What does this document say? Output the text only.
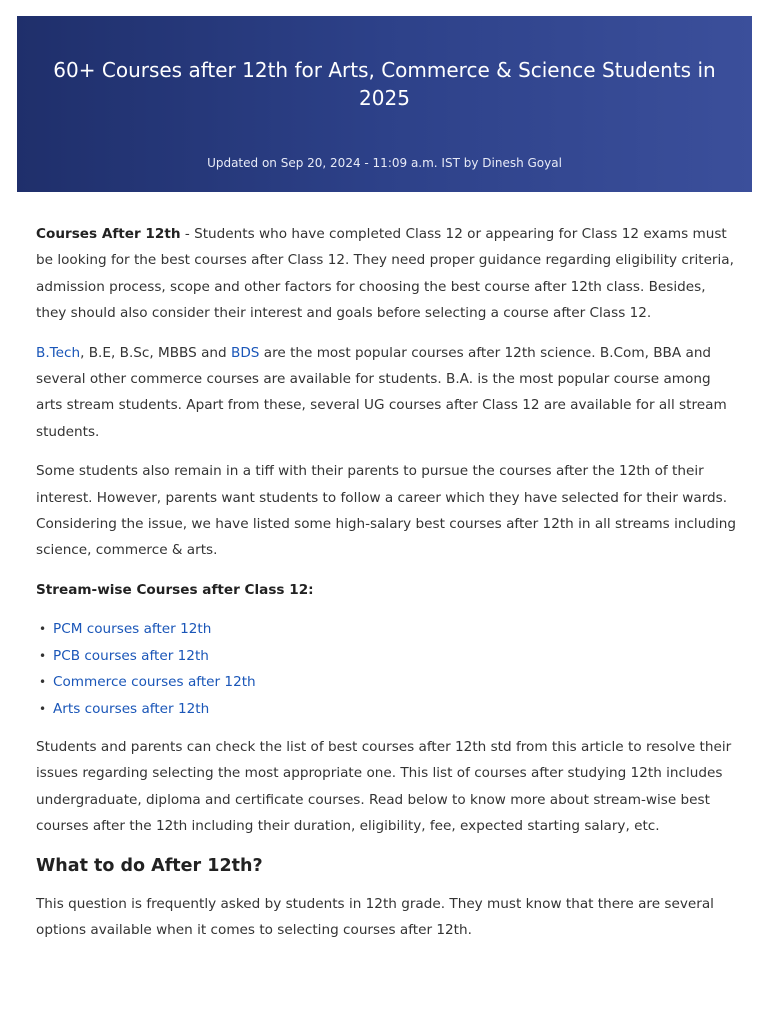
60+ Courses after 12th for Arts, Commerce & Science Students in 2025
Updated on Sep 20, 2024 - 11:09 a.m. IST by Dinesh Goyal

Courses After 12th - Students who have completed Class 12 or appearing for Class 12 exams must be looking for the best courses after Class 12. They need proper guidance regarding eligibility criteria, admission process, scope and other factors for choosing the best course after 12th class. Besides, they should also consider their interest and goals before selecting a course after Class 12.

B.Tech, B.E, B.Sc, MBBS and BDS are the most popular courses after 12th science. B.Com, BBA and several other commerce courses are available for students. B.A. is the most popular course among arts stream students. Apart from these, several UG courses after Class 12 are available for all stream students.

Some students also remain in a tiff with their parents to pursue the courses after the 12th of their interest. However, parents want students to follow a career which they have selected for their wards. Considering the issue, we have listed some high-salary best courses after 12th in all streams including science, commerce & arts.

Stream-wise Courses after Class 12:

• PCM courses after 12th
• PCB courses after 12th
• Commerce courses after 12th
• Arts courses after 12th

Students and parents can check the list of best courses after 12th std from this article to resolve their issues regarding selecting the most appropriate one. This list of courses after studying 12th includes undergraduate, diploma and certificate courses. Read below to know more about stream-wise best courses after the 12th including their duration, eligibility, fee, expected starting salary, etc.

What to do After 12th?

This question is frequently asked by students in 12th grade. They must know that there are several options available when it comes to selecting courses after 12th.
